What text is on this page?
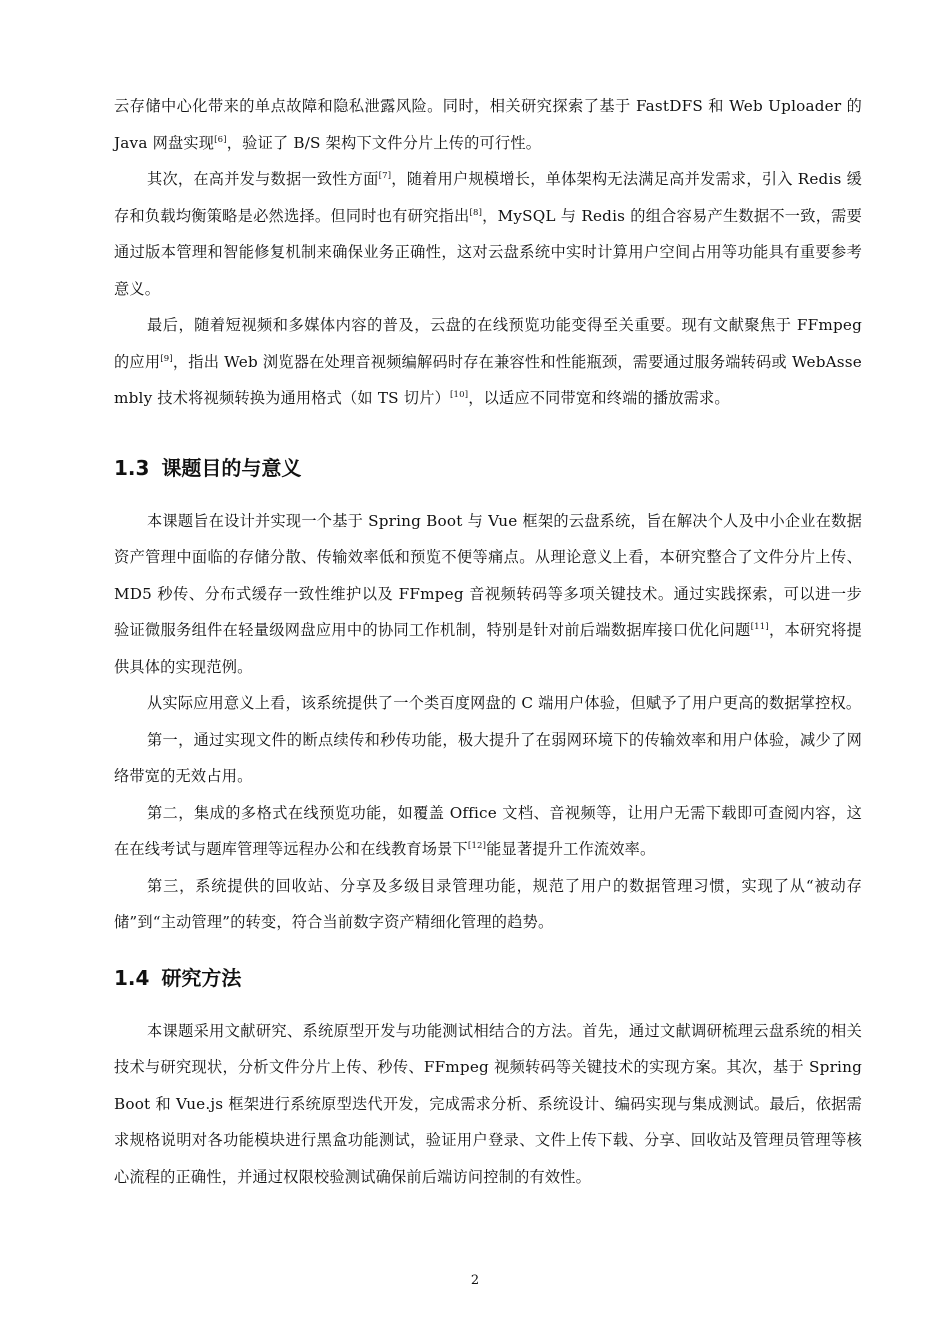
云存储中心化带来的单点故障和隐私泄露风险。同时，相关研究探索了基于 FastDFS 和 Web Uploader 的 Java 网盘实现[6]，验证了 B/S 架构下文件分片上传的可行性。

其次，在高并发与数据一致性方面[7]，随着用户规模增长，单体架构无法满足高并发需求，引入 Redis 缓存和负载均衡策略是必然选择。但同时也有研究指出[8]，MySQL 与 Redis 的组合容易产生数据不一致，需要通过版本管理和智能修复机制来确保业务正确性，这对云盘系统中实时计算用户空间占用等功能具有重要参考意义。

最后，随着短视频和多媒体内容的普及，云盘的在线预览功能变得至关重要。现有文献聚焦于 FFmpeg 的应用[9]，指出 Web 浏览器在处理音视频编解码时存在兼容性和性能瓶颈，需要通过服务端转码或 WebAssembly 技术将视频转换为通用格式（如 TS 切片）[10]，以适应不同带宽和终端的播放需求。

1.3 课题目的与意义

本课题旨在设计并实现一个基于 Spring Boot 与 Vue 框架的云盘系统，旨在解决个人及中小企业在数据资产管理中面临的存储分散、传输效率低和预览不便等痛点。从理论意义上看，本研究整合了文件分片上传、MD5 秒传、分布式缓存一致性维护以及 FFmpeg 音视频转码等多项关键技术。通过实践探索，可以进一步验证微服务组件在轻量级网盘应用中的协同工作机制，特别是针对前后端数据库接口优化问题[11]，本研究将提供具体的实现范例。

从实际应用意义上看，该系统提供了一个类百度网盘的 C 端用户体验，但赋予了用户更高的数据掌控权。

第一，通过实现文件的断点续传和秒传功能，极大提升了在弱网环境下的传输效率和用户体验，减少了网络带宽的无效占用。

第二，集成的多格式在线预览功能，如覆盖 Office 文档、音视频等，让用户无需下载即可查阅内容，这在在线考试与题库管理等远程办公和在线教育场景下[12]能显著提升工作流效率。

第三，系统提供的回收站、分享及多级目录管理功能，规范了用户的数据管理习惯，实现了从“被动存储”到“主动管理”的转变，符合当前数字资产精细化管理的趋势。

1.4 研究方法

本课题采用文献研究、系统原型开发与功能测试相结合的方法。首先，通过文献调研梳理云盘系统的相关技术与研究现状，分析文件分片上传、秒传、FFmpeg 视频转码等关键技术的实现方案。其次，基于 Spring Boot 和 Vue.js 框架进行系统原型迭代开发，完成需求分析、系统设计、编码实现与集成测试。最后，依据需求规格说明对各功能模块进行黑盒功能测试，验证用户登录、文件上传下载、分享、回收站及管理员管理等核心流程的正确性，并通过权限校验测试确保前后端访问控制的有效性。

2
